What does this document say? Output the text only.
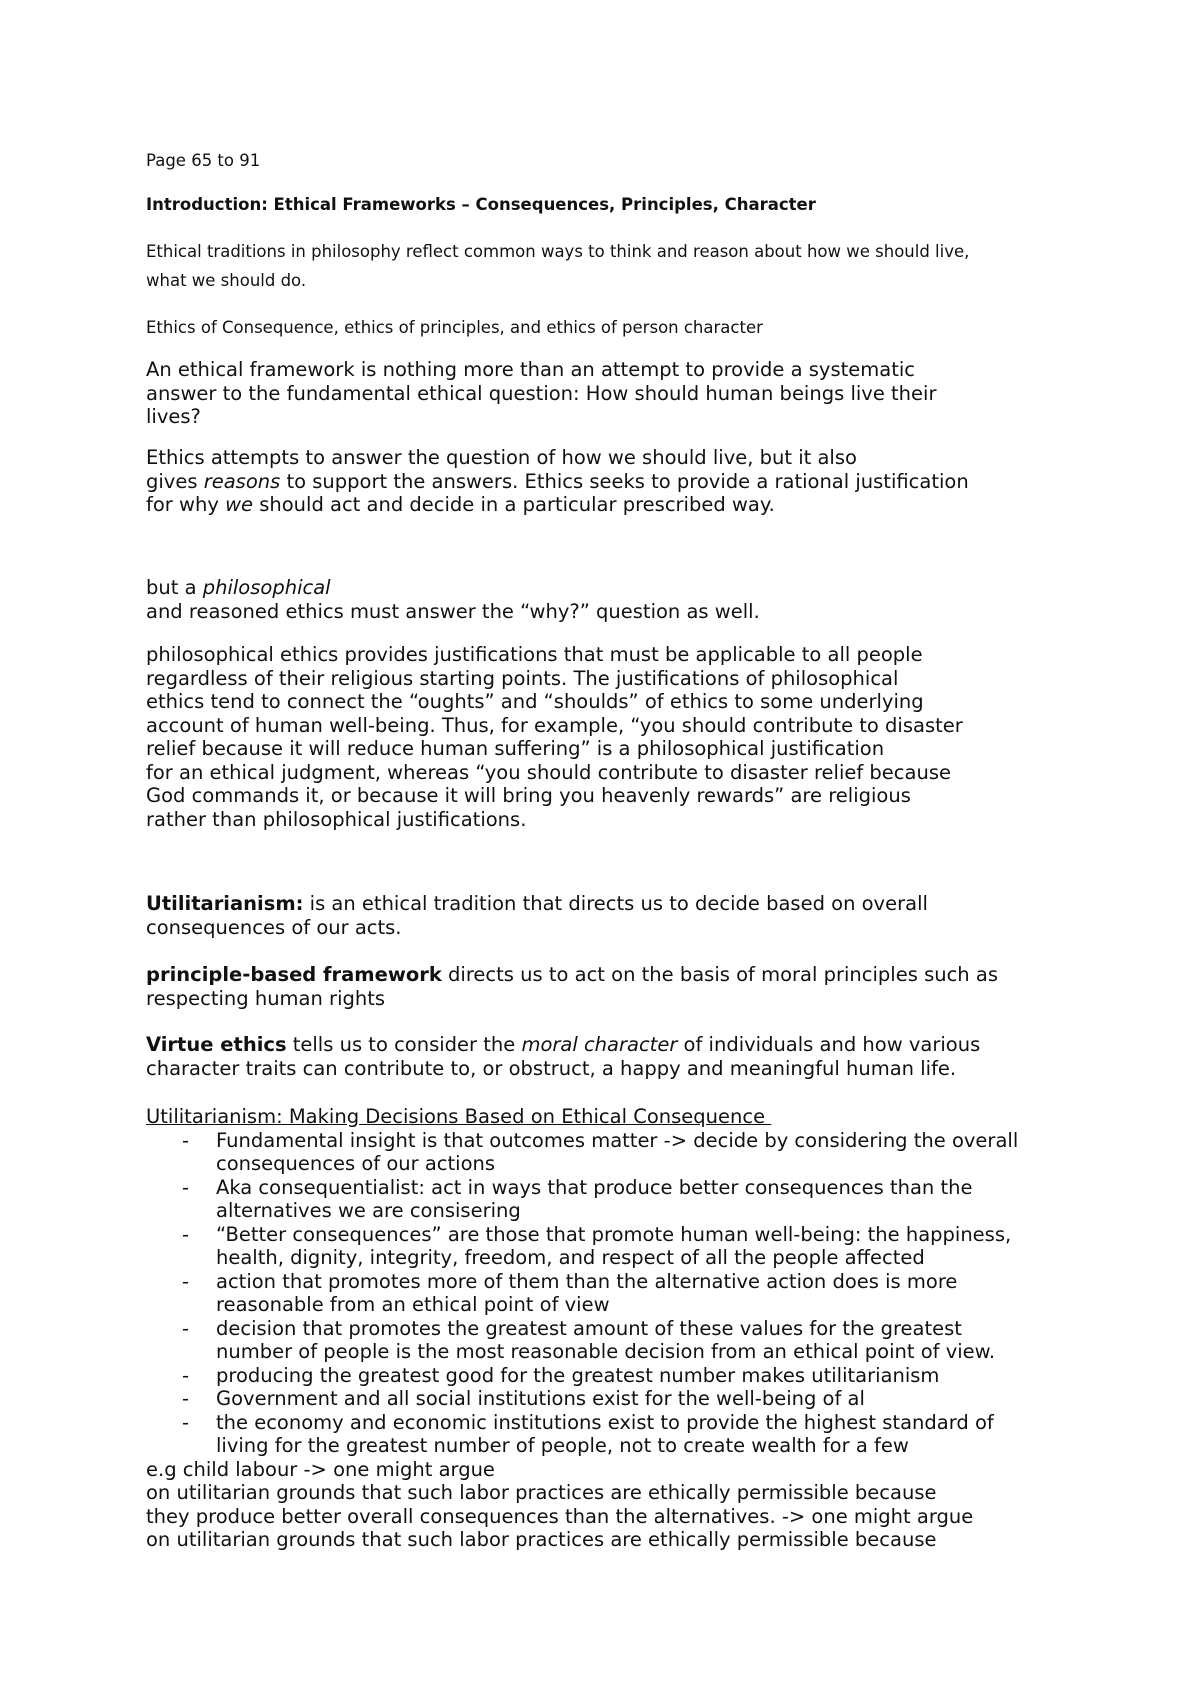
Page 65 to 91
Introduction: Ethical Frameworks – Consequences, Principles, Character
Ethical traditions in philosophy reflect common ways to think and reason about how we should live,
what we should do.
Ethics of Consequence, ethics of principles, and ethics of person character
An ethical framework is nothing more than an attempt to provide a systematic
answer to the fundamental ethical question: How should human beings live their
lives?
Ethics attempts to answer the question of how we should live, but it also
gives reasons to support the answers. Ethics seeks to provide a rational justification
for why we should act and decide in a particular prescribed way.
but a philosophical
and reasoned ethics must answer the “why?” question as well.
philosophical ethics provides justifications that must be applicable to all people
regardless of their religious starting points. The justifications of philosophical
ethics tend to connect the “oughts” and “shoulds” of ethics to some underlying
account of human well-being. Thus, for example, “you should contribute to disaster
relief because it will reduce human suffering” is a philosophical justification
for an ethical judgment, whereas “you should contribute to disaster relief because
God commands it, or because it will bring you heavenly rewards” are religious
rather than philosophical justifications.
Utilitarianism: is an ethical tradition that directs us to decide based on overall
consequences of our acts.
principle-based framework directs us to act on the basis of moral principles such as
respecting human rights
Virtue ethics tells us to consider the moral character of individuals and how various
character traits can contribute to, or obstruct, a happy and meaningful human life.
Utilitarianism: Making Decisions Based on Ethical Consequence
- Fundamental insight is that outcomes matter -> decide by considering the overall
consequences of our actions
- Aka consequentialist: act in ways that produce better consequences than the
alternatives we are consisering
- “Better consequences” are those that promote human well-being: the happiness,
health, dignity, integrity, freedom, and respect of all the people affected
- action that promotes more of them than the alternative action does is more
reasonable from an ethical point of view
- decision that promotes the greatest amount of these values for the greatest
number of people is the most reasonable decision from an ethical point of view.
- producing the greatest good for the greatest number makes utilitarianism
- Government and all social institutions exist for the well-being of al
- the economy and economic institutions exist to provide the highest standard of
living for the greatest number of people, not to create wealth for a few
e.g child labour -> one might argue
on utilitarian grounds that such labor practices are ethically permissible because
they produce better overall consequences than the alternatives. -> one might argue
on utilitarian grounds that such labor practices are ethically permissible because
